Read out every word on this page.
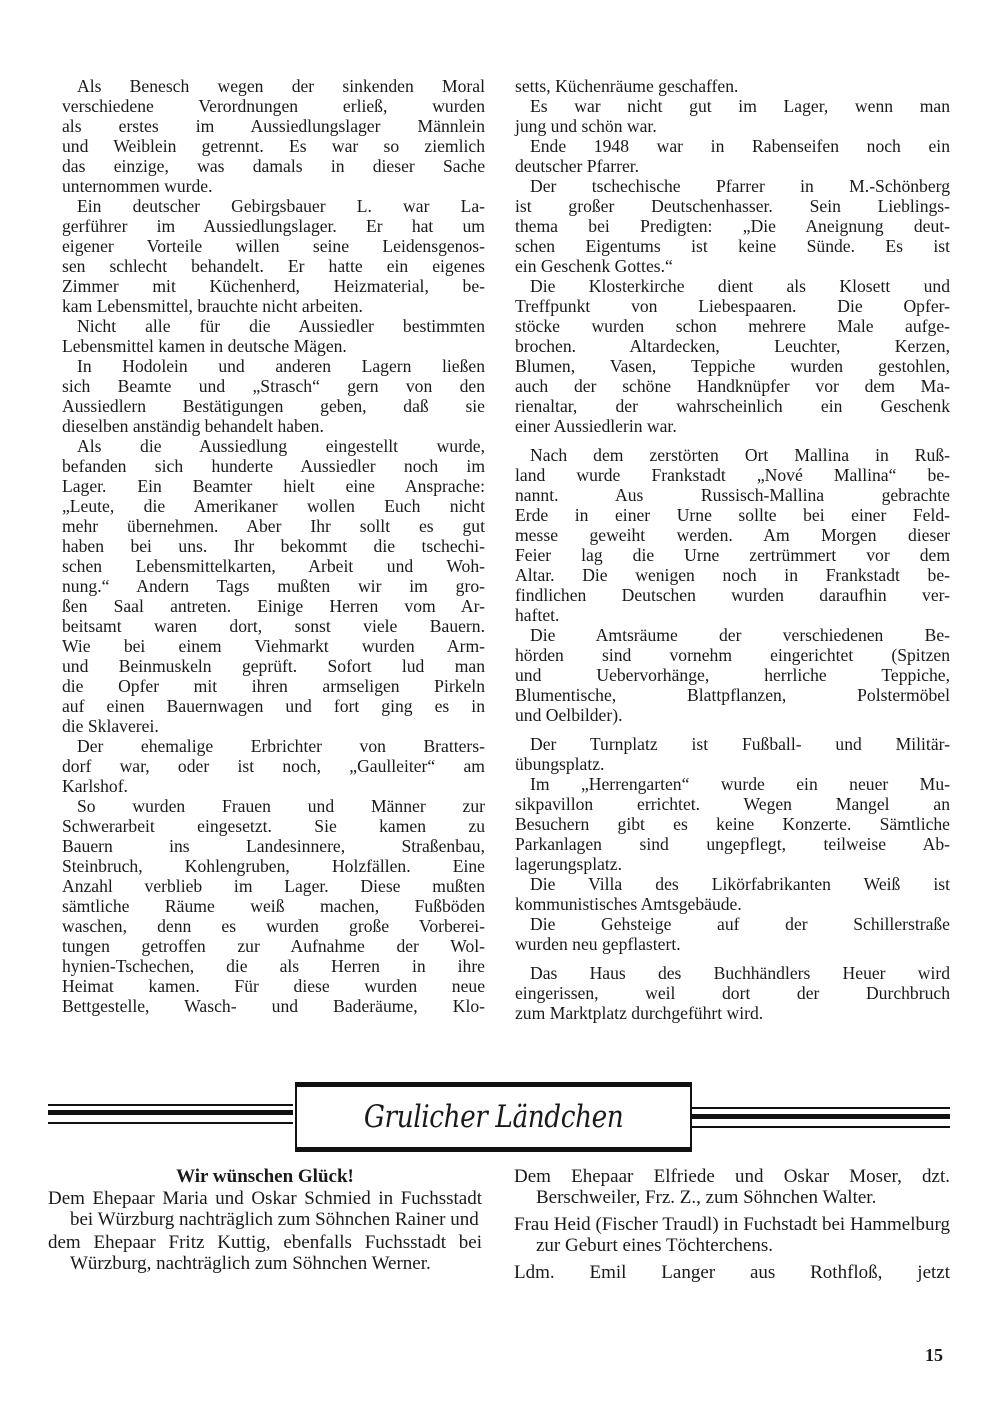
Als Benesch wegen der sinkenden Moral
verschiedene Verordnungen erließ, wurden
als erstes im Aussiedlungslager Männlein
und Weiblein getrennt. Es war so ziemlich
das einzige, was damals in dieser Sache
unternommen wurde.
Ein deutscher Gebirgsbauer L. war La-
gerführer im Aussiedlungslager. Er hat um
eigener Vorteile willen seine Leidensgenos-
sen schlecht behandelt. Er hatte ein eigenes
Zimmer mit Küchenherd, Heizmaterial, be-
kam Lebensmittel, brauchte nicht arbeiten.
Nicht alle für die Aussiedler bestimmten
Lebensmittel kamen in deutsche Mägen.
In Hodolein und anderen Lagern ließen
sich Beamte und „Strasch“ gern von den
Aussiedlern Bestätigungen geben, daß sie
dieselben anständig behandelt haben.
Als die Aussiedlung eingestellt wurde,
befanden sich hunderte Aussiedler noch im
Lager. Ein Beamter hielt eine Ansprache:
„Leute, die Amerikaner wollen Euch nicht
mehr übernehmen. Aber Ihr sollt es gut
haben bei uns. Ihr bekommt die tschechi-
schen Lebensmittelkarten, Arbeit und Woh-
nung.“ Andern Tags mußten wir im gro-
ßen Saal antreten. Einige Herren vom Ar-
beitsamt waren dort, sonst viele Bauern.
Wie bei einem Viehmarkt wurden Arm-
und Beinmuskeln geprüft. Sofort lud man
die Opfer mit ihren armseligen Pirkeln
auf einen Bauernwagen und fort ging es in
die Sklaverei.
Der ehemalige Erbrichter von Bratters-
dorf war, oder ist noch, „Gaulleiter“ am
Karlshof.
So wurden Frauen und Männer zur
Schwerarbeit eingesetzt. Sie kamen zu
Bauern ins Landesinnere, Straßenbau,
Steinbruch, Kohlengruben, Holzfällen. Eine
Anzahl verblieb im Lager. Diese mußten
sämtliche Räume weiß machen, Fußböden
waschen, denn es wurden große Vorberei-
tungen getroffen zur Aufnahme der Wol-
hynien-Tschechen, die als Herren in ihre
Heimat kamen. Für diese wurden neue
Bettgestelle, Wasch- und Baderäume, Klo-
setts, Küchenräume geschaffen.
Es war nicht gut im Lager, wenn man
jung und schön war.
Ende 1948 war in Rabenseifen noch ein
deutscher Pfarrer.
Der tschechische Pfarrer in M.-Schönberg
ist großer Deutschenhasser. Sein Lieblings-
thema bei Predigten: „Die Aneignung deut-
schen Eigentums ist keine Sünde. Es ist
ein Geschenk Gottes.“
Die Klosterkirche dient als Klosett und
Treffpunkt von Liebespaaren. Die Opfer-
stöcke wurden schon mehrere Male aufge-
brochen. Altardecken, Leuchter, Kerzen,
Blumen, Vasen, Teppiche wurden gestohlen,
auch der schöne Handknüpfer vor dem Ma-
rienaltar, der wahrscheinlich ein Geschenk
einer Aussiedlerin war.
Nach dem zerstörten Ort Mallina in Ruß-
land wurde Frankstadt „Nové Mallina“ be-
nannt. Aus Russisch-Mallina gebrachte
Erde in einer Urne sollte bei einer Feld-
messe geweiht werden. Am Morgen dieser
Feier lag die Urne zertrümmert vor dem
Altar. Die wenigen noch in Frankstadt be-
findlichen Deutschen wurden daraufhin ver-
haftet.
Die Amtsräume der verschiedenen Be-
hörden sind vornehm eingerichtet (Spitzen
und Uebervorhänge, herrliche Teppiche,
Blumentische, Blattpflanzen, Polstermöbel
und Oelbilder).
Der Turnplatz ist Fußball- und Militär-
übungsplatz.
Im „Herrengarten“ wurde ein neuer Mu-
sikpavillon errichtet. Wegen Mangel an
Besuchern gibt es keine Konzerte. Sämtliche
Parkanlagen sind ungepflegt, teilweise Ab-
lagerungsplatz.
Die Villa des Likörfabrikanten Weiß ist
kommunistisches Amtsgebäude.
Die Gehsteige auf der Schillerstraße
wurden neu gepflastert.
Das Haus des Buchhändlers Heuer wird
eingerissen, weil dort der Durchbruch
zum Marktplatz durchgeführt wird.
Grulicher Ländchen
Wir wünschen Glück!
Dem Ehepaar Maria und Oskar Schmied in Fuchsstadt bei Würzburg nachträglich zum Söhnchen Rainer und
dem Ehepaar Fritz Kuttig, ebenfalls Fuchsstadt bei Würzburg, nachträglich zum Söhnchen Werner.
Dem Ehepaar Elfriede und Oskar Moser, dzt. Berschweiler, Frz. Z., zum Söhnchen Walter.
Frau Heid (Fischer Traudl) in Fuchstadt bei Hammelburg zur Geburt eines Töchterchens.
Ldm. Emil Langer aus Rothfloß, jetzt
15
